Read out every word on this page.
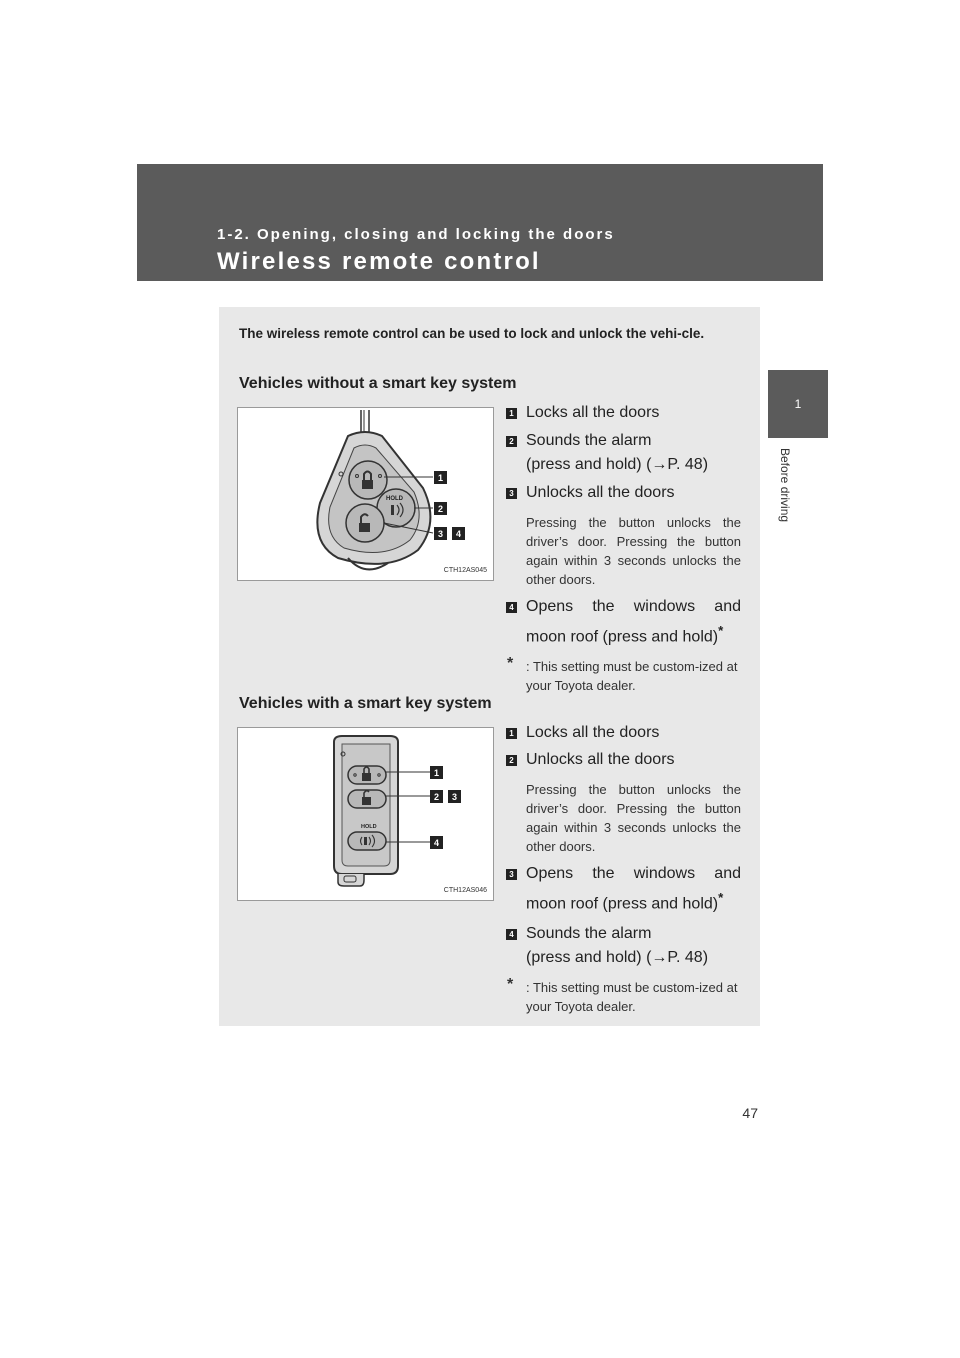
1-2. Opening, closing and locking the doors
Wireless remote control
1
Before driving
The wireless remote control can be used to lock and unlock the vehi-cle.
Vehicles without a smart key system
HOLD
1
2
3	4
CTH12AS045
1 Locks all the doors
2 Sounds the alarm
(press and hold) (→P. 48)
3 Unlocks all the doors
Pressing the button unlocks the driver’s door. Pressing the button again within 3 seconds unlocks the other doors.
4 Opens the windows and moon roof (press and hold)*
* : This setting must be custom-ized at your Toyota dealer.
Vehicles with a smart key system
HOLD
1
2	3
4
CTH12AS046
1 Locks all the doors
2 Unlocks all the doors
Pressing the button unlocks the driver’s door. Pressing the button again within 3 seconds unlocks the other doors.
3 Opens the windows and moon roof (press and hold)*
4 Sounds the alarm
(press and hold) (→P. 48)
* : This setting must be custom-ized at your Toyota dealer.
47
